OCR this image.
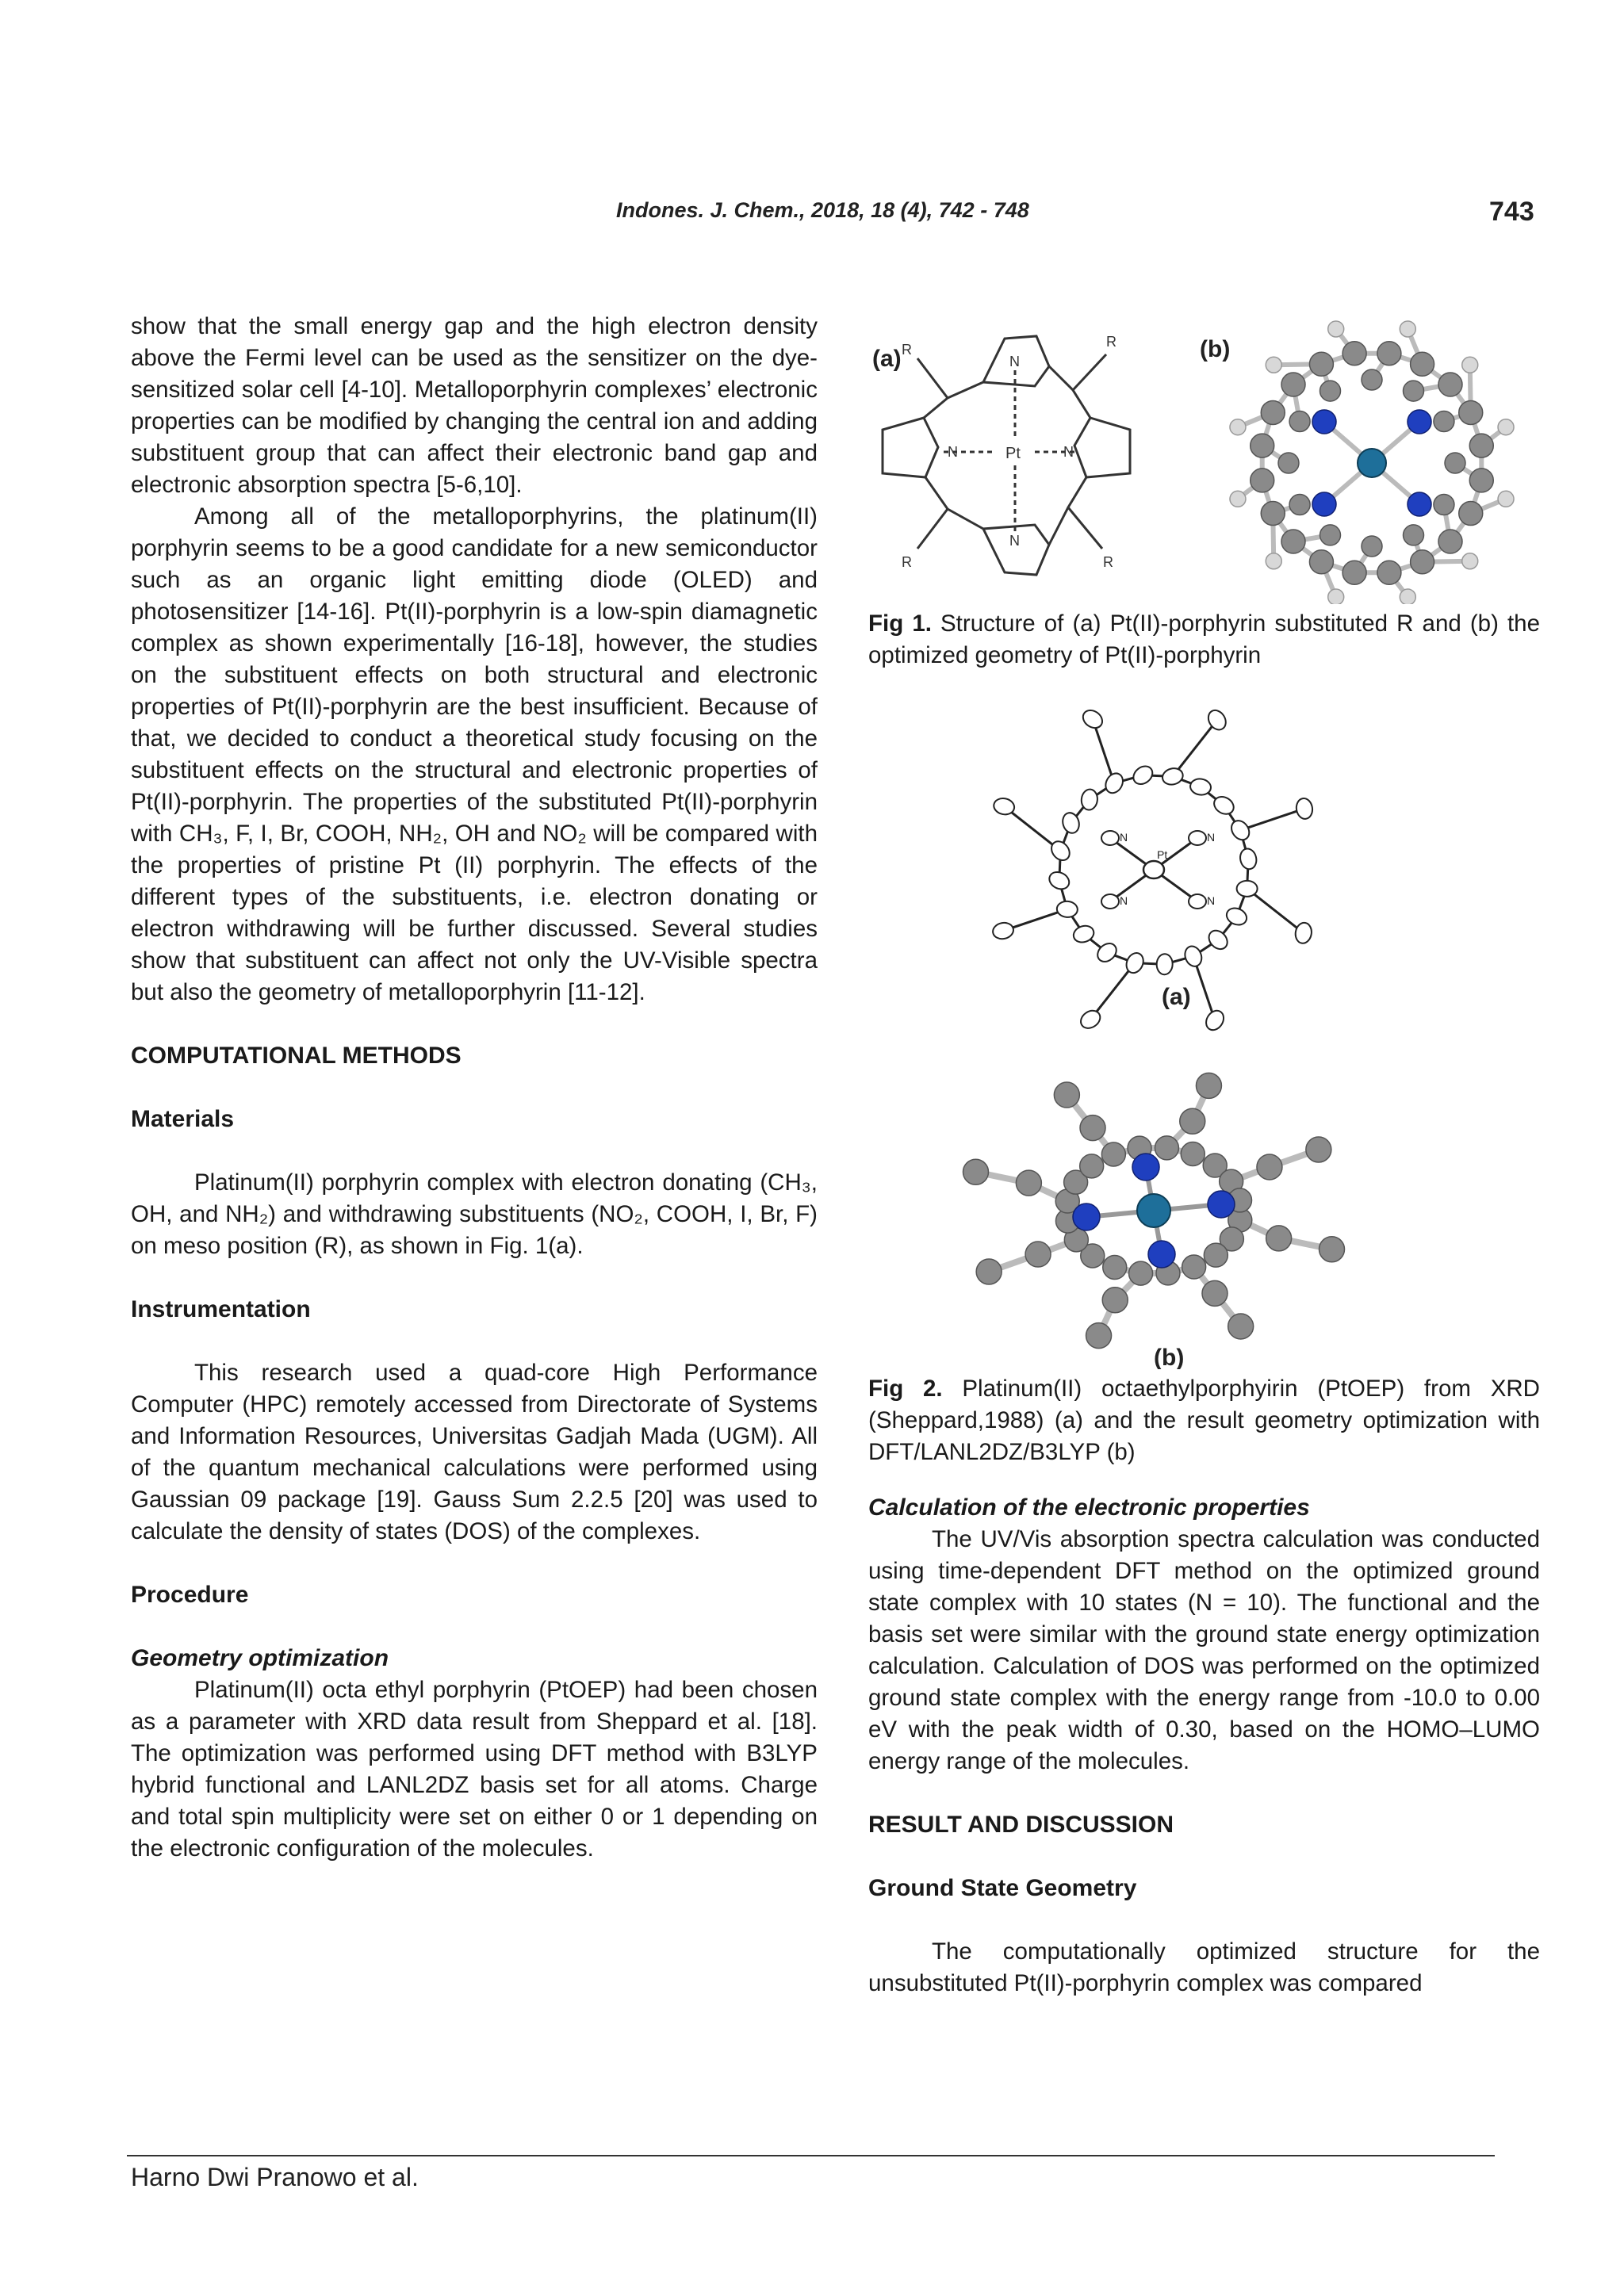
Indones. J. Chem., 2018, 18 (4), 742 - 748	743

show that the small energy gap and the high electron density above the Fermi level can be used as the sensitizer on the dye-sensitized solar cell [4-10]. Metalloporphyrin complexes’ electronic properties can be modified by changing the central ion and adding substituent group that can affect their electronic band gap and electronic absorption spectra [5-6,10].

Among all of the metalloporphyrins, the platinum(II) porphyrin seems to be a good candidate for a new semiconductor such as an organic light emitting diode (OLED) and photosensitizer [14-16]. Pt(II)-porphyrin is a low-spin diamagnetic complex as shown experimentally [16-18], however, the studies on the substituent effects on both structural and electronic properties of Pt(II)-porphyrin are the best insufficient. Because of that, we decided to conduct a theoretical study focusing on the substituent effects on the structural and electronic properties of Pt(II)-porphyrin. The properties of the substituted Pt(II)-porphyrin with CH₃, F, I, Br, COOH, NH₂, OH and NO₂ will be compared with the properties of pristine Pt (II) porphyrin. The effects of the different types of the substituents, i.e. electron donating or electron withdrawing will be further discussed. Several studies show that substituent can affect not only the UV-Visible spectra but also the geometry of metalloporphyrin [11-12].

COMPUTATIONAL METHODS
Materials

Platinum(II) porphyrin complex with electron donating (CH₃, OH, and NH₂) and withdrawing substituents (NO₂, COOH, I, Br, F) on meso position (R), as shown in Fig. 1(a).

Instrumentation

This research used a quad-core High Performance Computer (HPC) remotely accessed from Directorate of Systems and Information Resources, Universitas Gadjah Mada (UGM). All of the quantum mechanical calculations were performed using Gaussian 09 package [19]. Gauss Sum 2.2.5 [20] was used to calculate the density of states (DOS) of the complexes.

Procedure
Geometry optimization

Platinum(II) octa ethyl porphyrin (PtOEP) had been chosen as a parameter with XRD data result from Sheppard et al. [18]. The optimization was performed using DFT method with B3LYP hybrid functional and LANL2DZ basis set for all atoms. Charge and total spin multiplicity were set on either 0 or 1 depending on the electronic configuration of the molecules.

(a) R	R
R	R
Pt
N
N
N	N
(b)

Fig 1. Structure of (a) Pt(II)-porphyrin substituted R and (b) the optimized geometry of Pt(II)-porphyrin

Pt
N	N
N	N
(a)
(b)

Fig 2. Platinum(II) octaethylporphyirin (PtOEP) from XRD (Sheppard,1988) (a) and the result geometry optimization with DFT/LANL2DZ/B3LYP (b)

Calculation of the electronic properties

The UV/Vis absorption spectra calculation was conducted using time-dependent DFT method on the optimized ground state complex with 10 states (N = 10). The functional and the basis set were similar with the ground state energy optimization calculation. Calculation of DOS was performed on the optimized ground state complex with the energy range from -10.0 to 0.00 eV with the peak width of 0.30, based on the HOMO–LUMO energy range of the molecules.

RESULT AND DISCUSSION
Ground State Geometry

The computationally optimized structure for the unsubstituted Pt(II)-porphyrin complex was compared

Harno Dwi Pranowo et al.
